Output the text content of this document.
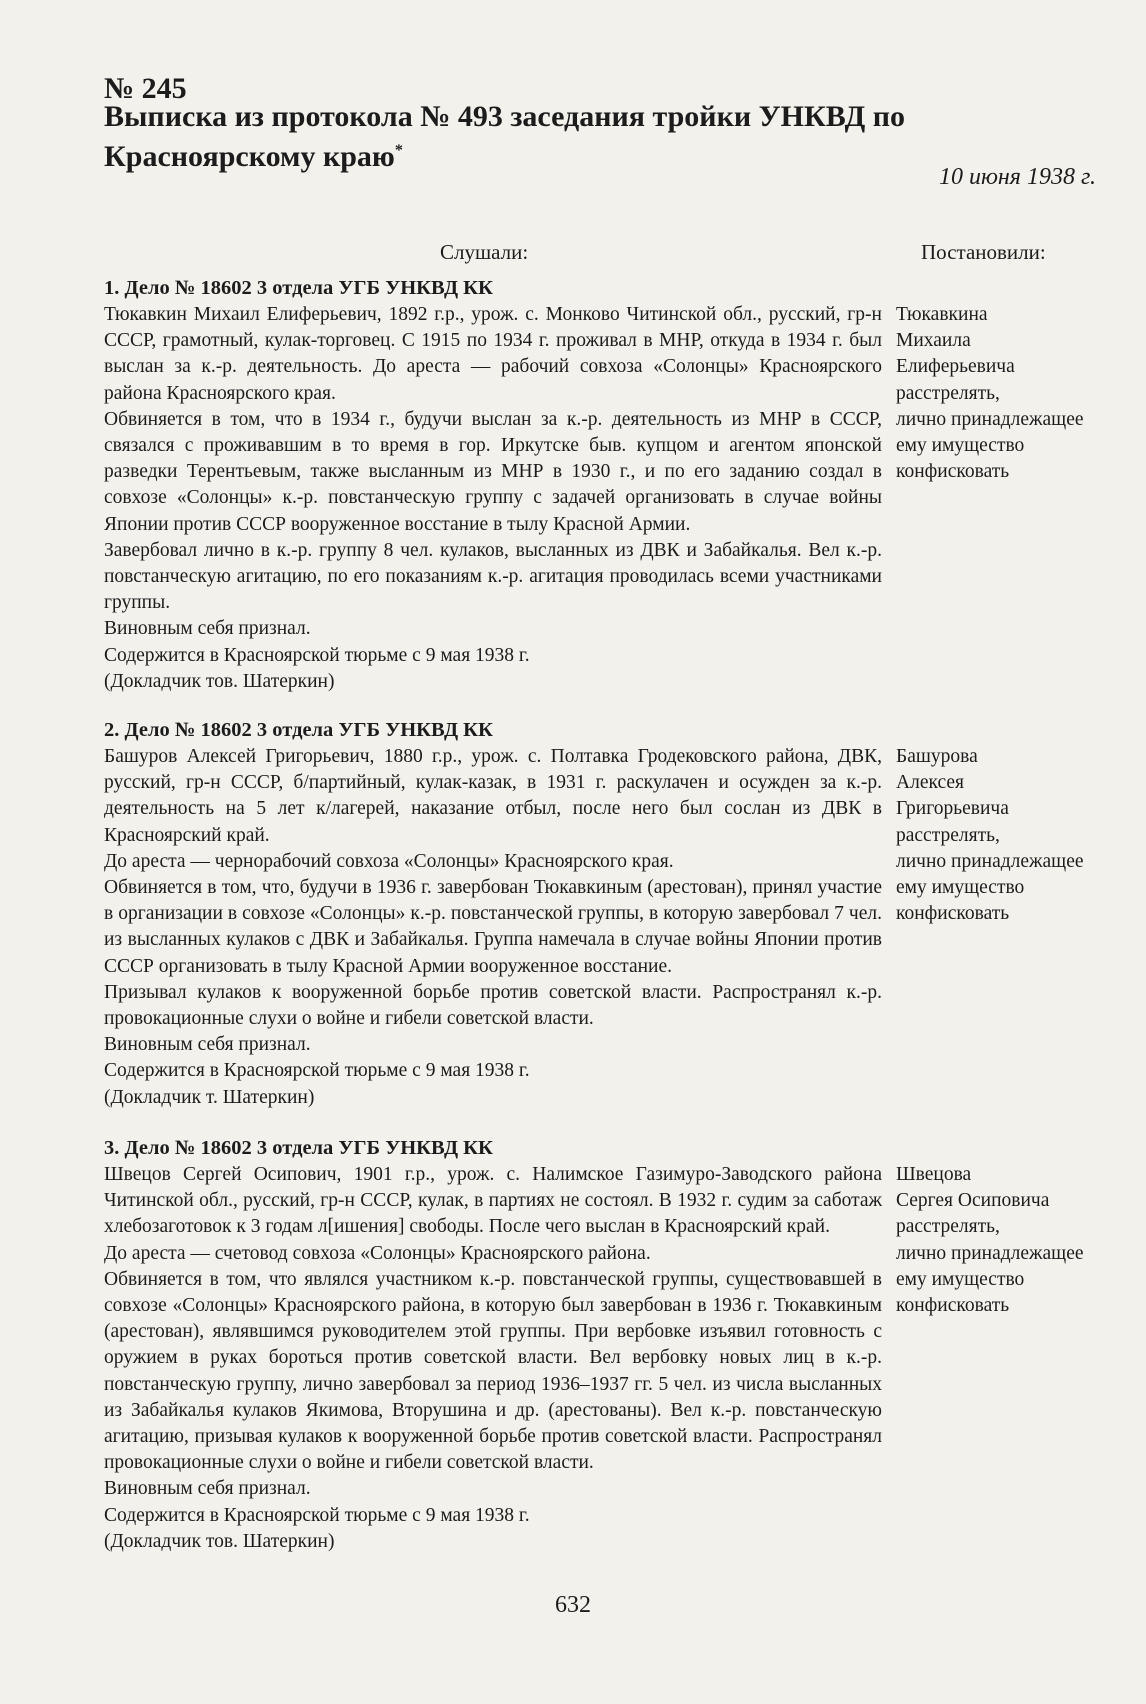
№ 245
Выписка из протокола № 493 заседания тройки УНКВД по Красноярскому краю*
10 июня 1938 г.
Слушали:	Постановили:
1. Дело № 18602 3 отдела УГБ УНКВД КК

Тюкавкин Михаил Елиферьевич, 1892 г.р., урож. с. Монково Читинской обл., русский, гр-н СССР, грамотный, кулак-торговец. С 1915 по 1934 г. проживал в МНР, откуда в 1934 г. был выслан за к.-р. деятельность. До ареста — рабочий совхоза «Солонцы» Красноярского района Красноярского края.

Обвиняется в том, что в 1934 г., будучи выслан за к.-р. деятельность из МНР в СССР, связался с проживавшим в то время в гор. Иркутске быв. купцом и агентом японской разведки Терентьевым, также высланным из МНР в 1930 г., и по его заданию создал в совхозе «Солонцы» к.-р. повстанческую группу с задачей организовать в случае войны Японии против СССР вооруженное восстание в тылу Красной Армии.

Завербовал лично в к.-р. группу 8 чел. кулаков, высланных из ДВК и Забайкалья. Вел к.-р. повстанческую агитацию, по его показаниям к.-р. агитация проводилась всеми участниками группы.

Виновным себя признал.

Содержится в Красноярской тюрьме с 9 мая 1938 г.

(Докладчик тов. Шатеркин)

Тюкавкина

Михаила

Елиферьевича

расстрелять,

лично принадлежащее ему имущество конфисковать

2. Дело № 18602 3 отдела УГБ УНКВД КК

Башуров Алексей Григорьевич, 1880 г.р., урож. с. Полтавка Гродековского района, ДВК, русский, гр-н СССР, б/партийный, кулак-казак, в 1931 г. раскулачен и осужден за к.-р. деятельность на 5 лет к/лагерей, наказание отбыл, после него был сослан из ДВК в Красноярский край.

До ареста — чернорабочий совхоза «Солонцы» Красноярского края.

Обвиняется в том, что, будучи в 1936 г. завербован Тюкавкиным (арестован), принял участие в организации в совхозе «Солонцы» к.-р. повстанческой группы, в которую завербовал 7 чел. из высланных кулаков с ДВК и Забайкалья. Группа намечала в случае войны Японии против СССР организовать в тылу Красной Армии вооруженное восстание.

Призывал кулаков к вооруженной борьбе против советской власти. Распространял к.-р. провокационные слухи о войне и гибели советской власти.

Виновным себя признал.

Содержится в Красноярской тюрьме с 9 мая 1938 г.

(Докладчик т. Шатеркин)

Башурова

Алексея

Григорьевича

расстрелять,

лично принадлежащее ему имущество конфисковать

3. Дело № 18602 3 отдела УГБ УНКВД КК

Швецов Сергей Осипович, 1901 г.р., урож. с. Налимское Газимуро-Заводского района Читинской обл., русский, гр-н СССР, кулак, в партиях не состоял. В 1932 г. судим за саботаж хлебозаготовок к 3 годам л[ишения] свободы. После чего выслан в Красноярский край.

До ареста — счетовод совхоза «Солонцы» Красноярского района.

Обвиняется в том, что являлся участником к.-р. повстанческой группы, существовавшей в совхозе «Солонцы» Красноярского района, в которую был завербован в 1936 г. Тюкавкиным (арестован), являвшимся руководителем этой группы. При вербовке изъявил готовность с оружием в руках бороться против советской власти. Вел вербовку новых лиц в к.-р. повстанческую группу, лично завербовал за период 1936–1937 гг. 5 чел. из числа высланных из Забайкалья кулаков Якимова, Вторушина и др. (арестованы). Вел к.-р. повстанческую агитацию, призывая кулаков к вооруженной борьбе против советской власти. Распространял провокационные слухи о войне и гибели советской власти.

Виновным себя признал.

Содержится в Красноярской тюрьме с 9 мая 1938 г.

(Докладчик тов. Шатеркин)

Швецова

Сергея Осиповича

расстрелять,

лично принадлежащее ему имущество конфисковать

632
